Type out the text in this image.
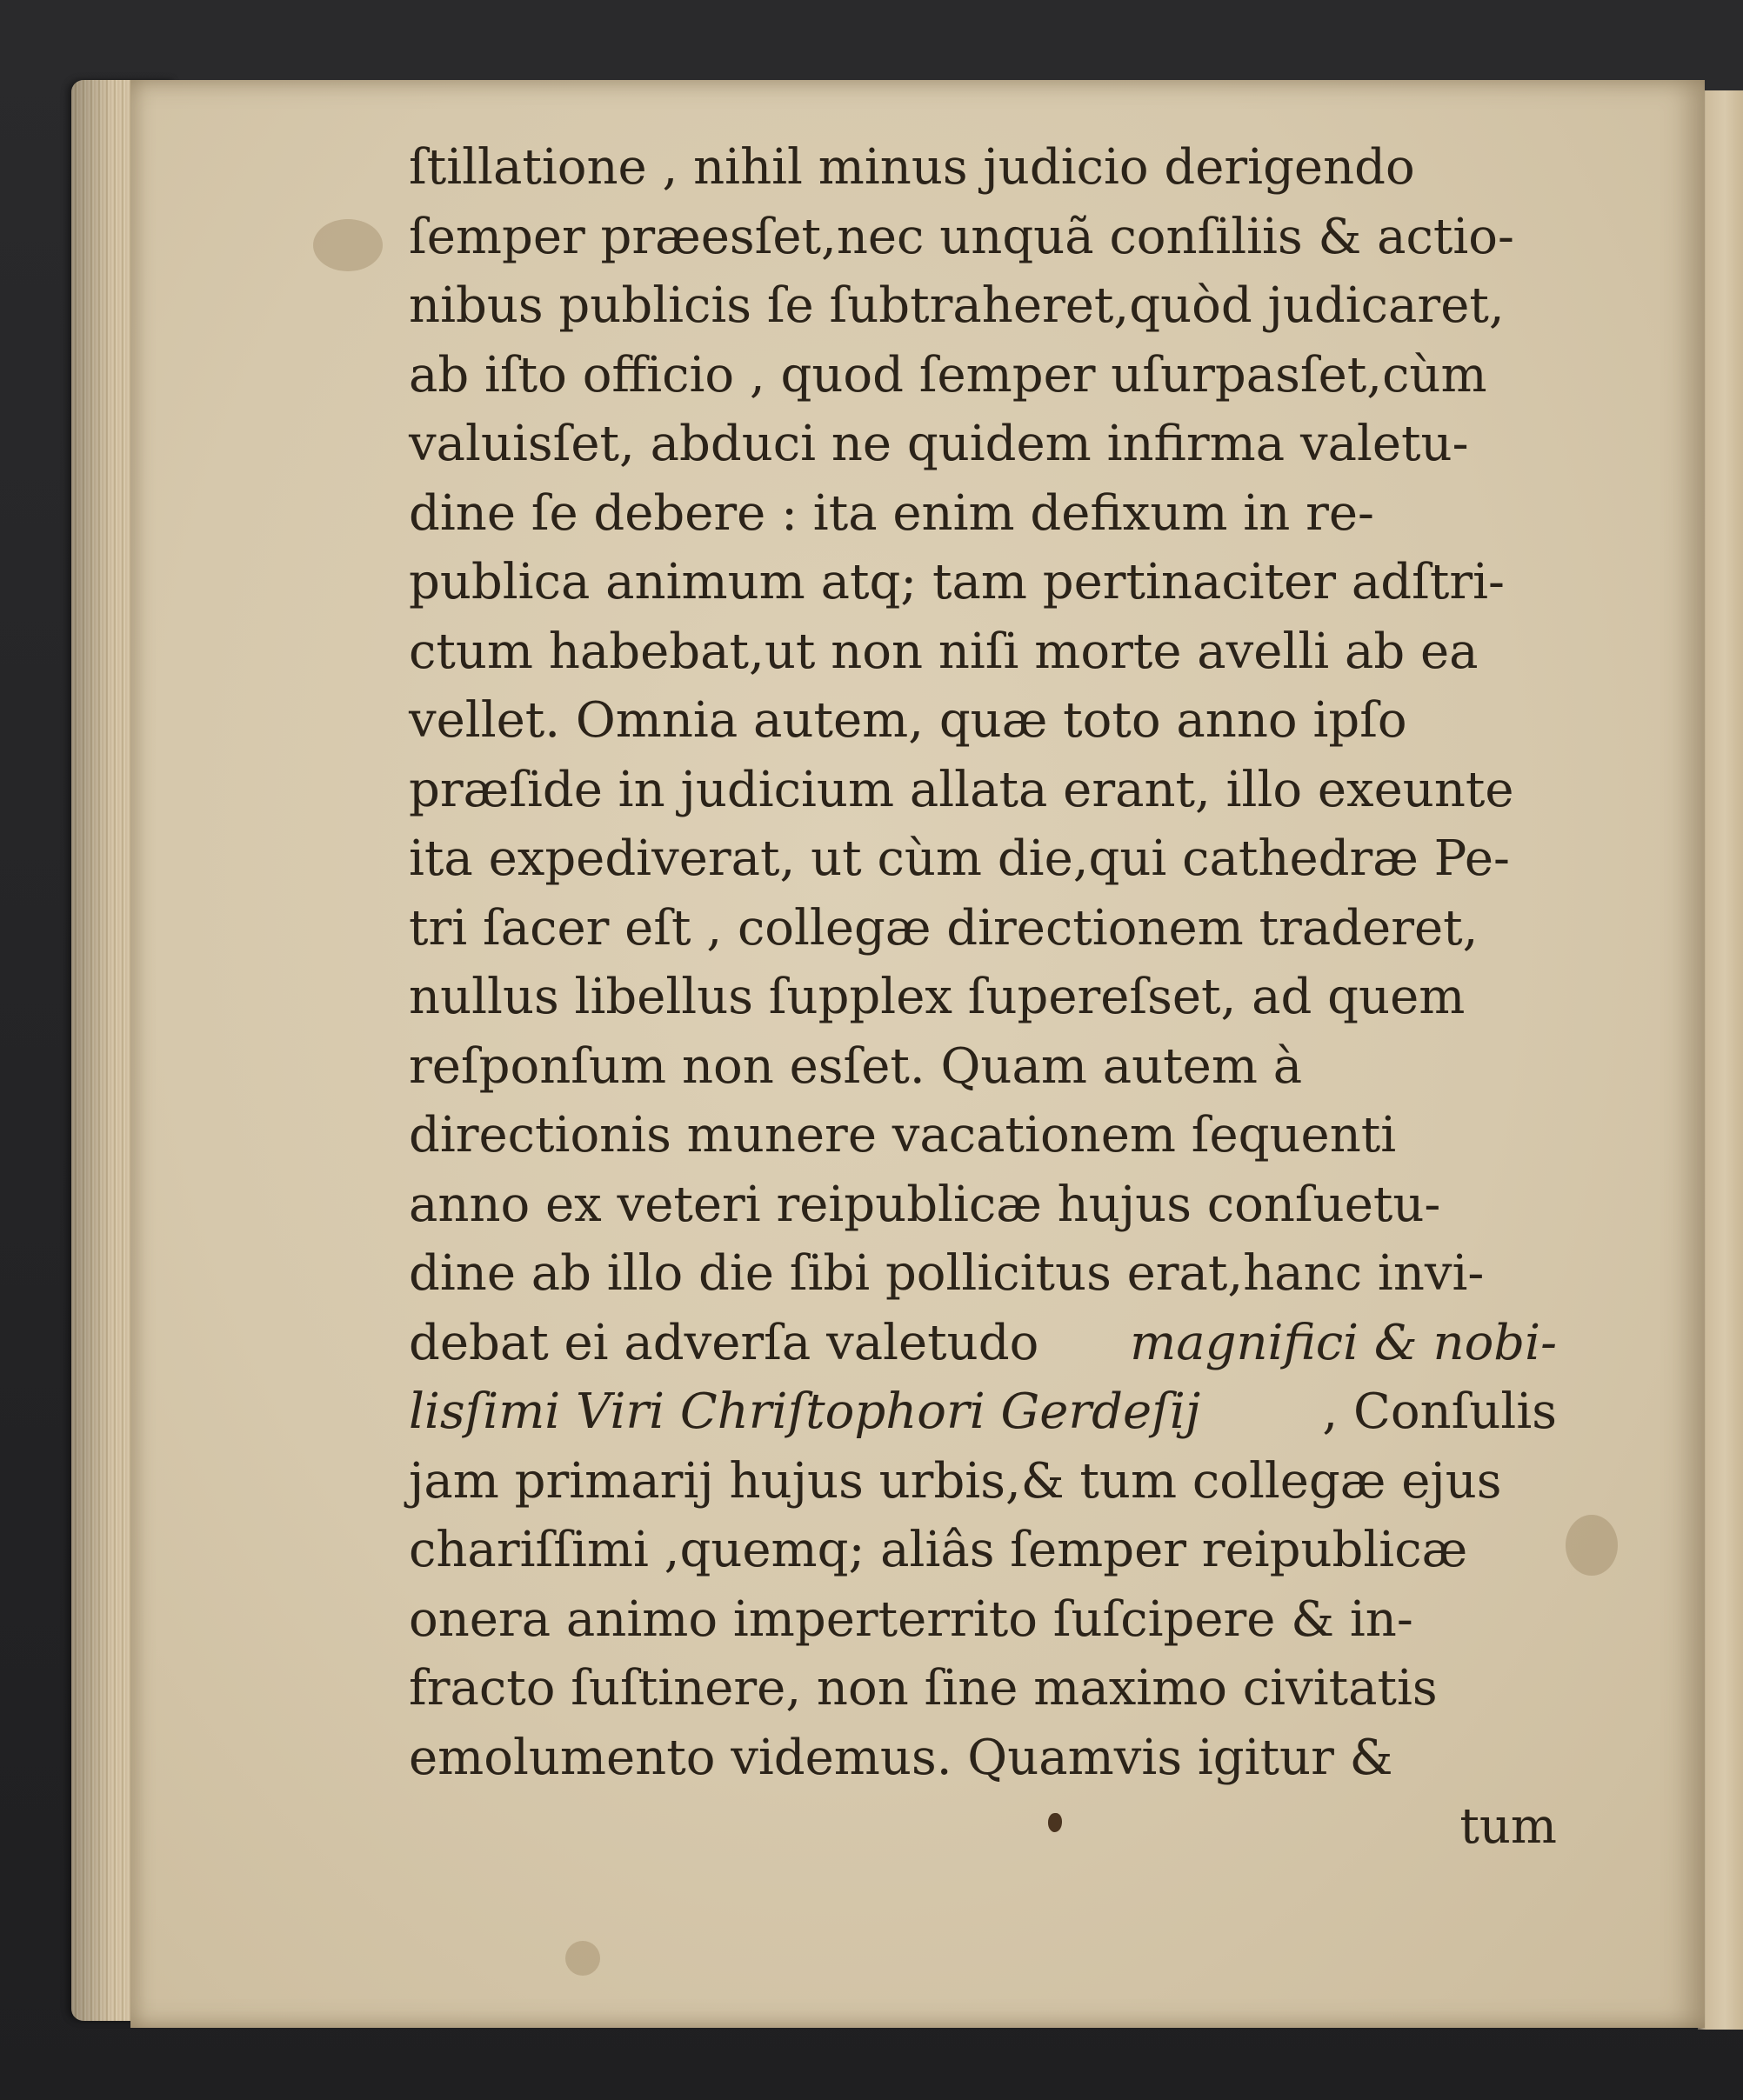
ſtillatione , nihil minus judicio derigendo
ſemper præesſet,nec unquã conſiliis & actio-
nibus publicis ſe ſubtraheret,quòd judicaret,
ab iſto officio , quod ſemper uſurpasſet,cùm
valuisſet, abduci ne quidem infirma valetu-
dine ſe debere : ita enim defixum in re-
publica animum atq; tam pertinaciter adſtri-
ctum habebat,ut non niſi morte avelli ab ea
vellet. Omnia autem, quæ toto anno ipſo
præſide in judicium allata erant, illo exeunte
ita expediverat, ut cùm die,qui cathedræ Pe-
tri ſacer eſt , collegæ directionem traderet,
nullus libellus ſupplex ſupereſset, ad quem
reſponſum non esſet. Quam autem à
directionis munere vacationem ſequenti
anno ex veteri reipublicæ hujus conſuetu-
dine ab illo die ſibi pollicitus erat,hanc invi-
debat ei adverſa valetudo magnifici & nobi-
lisſimi Viri Chriſtophori Gerdeſij	, Conſulis
jam primarij hujus urbis,& tum collegæ ejus
chariſſimi ,quemq; aliâs ſemper reipublicæ
onera animo imperterrito ſuſcipere & in-
fracto ſuſtinere, non ſine maximo civitatis
emolumento videmus. Quamvis igitur &
tum
